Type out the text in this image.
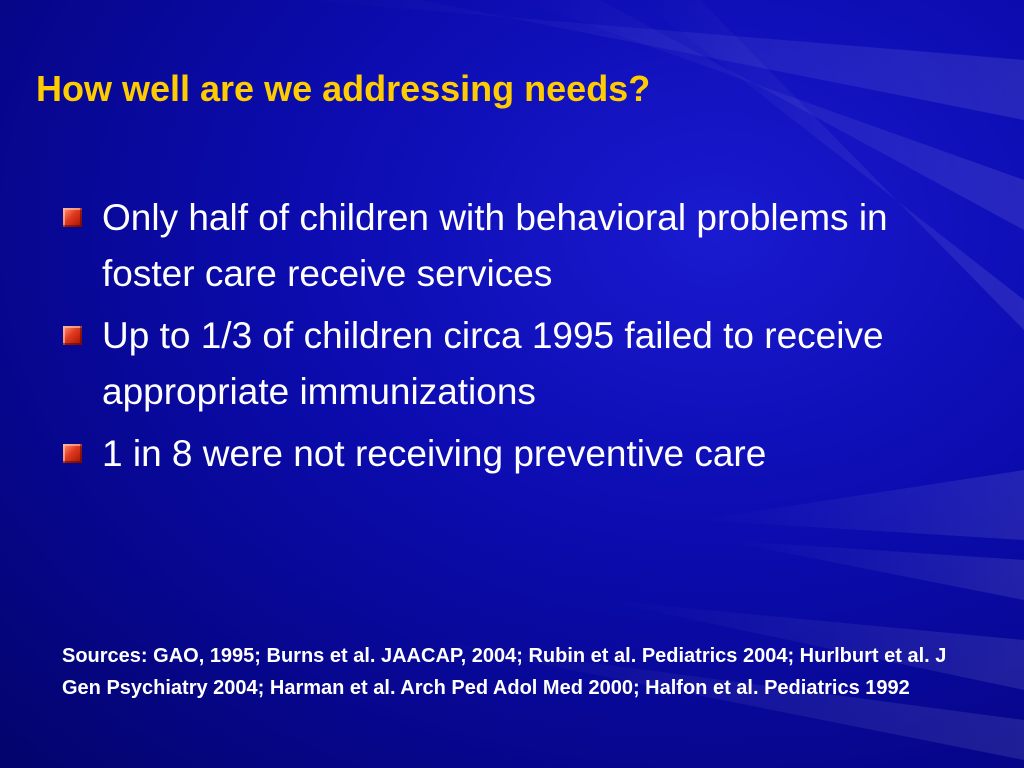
How well are we addressing needs?
Only half of children with behavioral problems in foster care receive services
Up to 1/3 of children circa 1995 failed to receive appropriate immunizations
1 in 8 were not receiving preventive care

Sources: GAO, 1995; Burns et al. JAACAP, 2004; Rubin et al. Pediatrics 2004; Hurlburt et al. J Gen Psychiatry 2004; Harman et al. Arch Ped Adol Med 2000; Halfon et al. Pediatrics 1992
